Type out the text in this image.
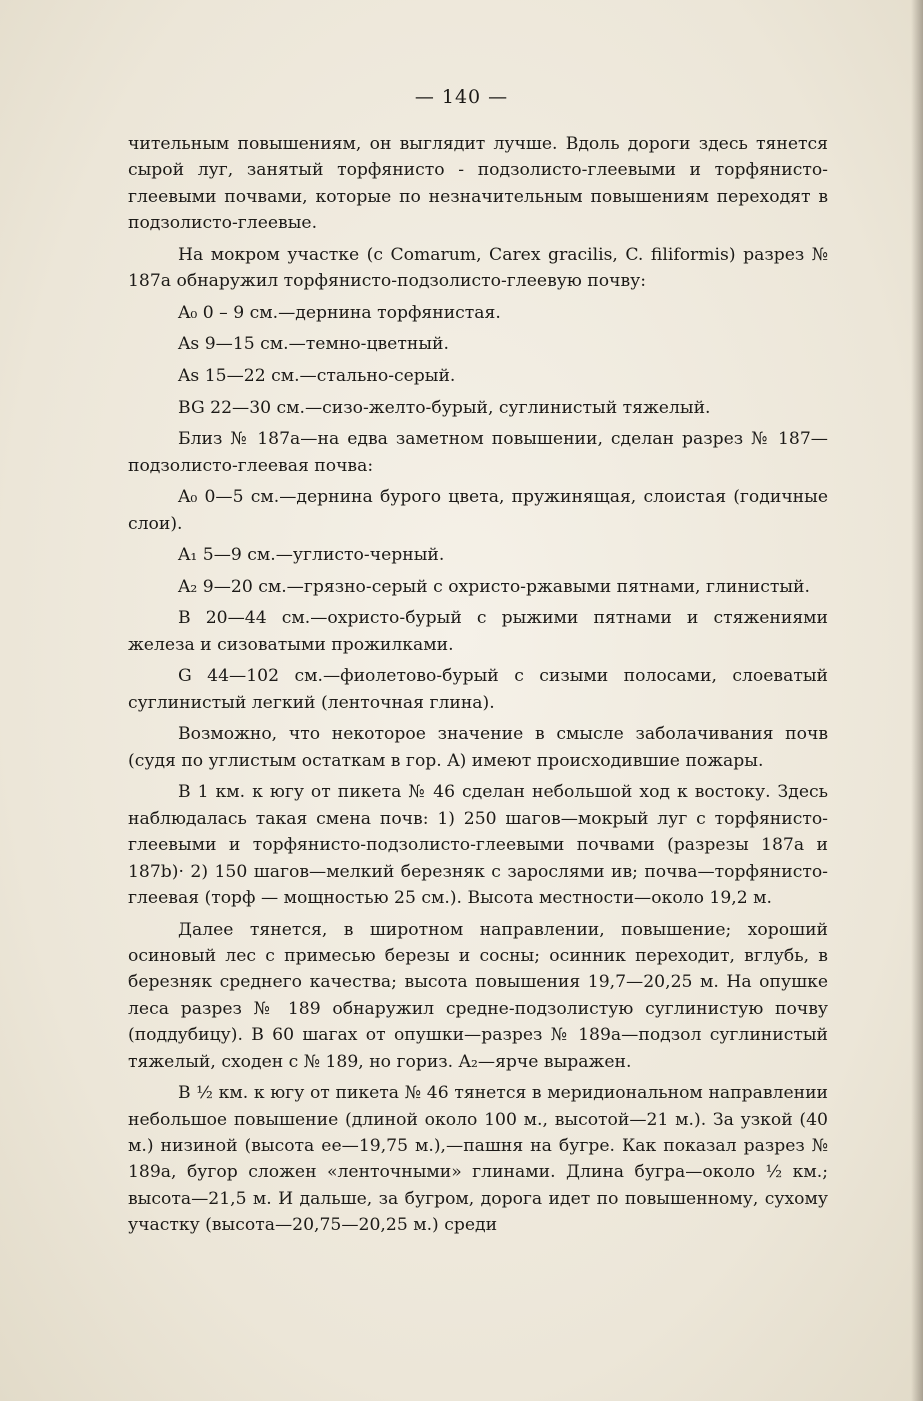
— 140 —

чительным повышениям, он выглядит лучше. Вдоль дороги здесь тянется сырой луг, занятый торфянисто - подзолисто-глеевыми и торфянисто-глеевыми почвами, которые по незначительным повышениям переходят в подзолисто-глеевые.

На мокром участке (с Comarum, Carex gracilis, C. filiformis) разрез № 187a обнаружил торфянисто-подзолисто-глеевую почву:

A₀ 0 – 9 см.—дернина торфянистая.

As 9—15 см.—темно-цветный.

As 15—22 см.—стально-серый.

BG 22—30 см.—сизо-желто-бурый, суглинистый тяжелый.

Близ № 187a—на едва заметном повышении, сделан разрез № 187—подзолисто-глеевая почва:

A₀ 0—5 см.—дернина бурого цвета, пружинящая, слоистая (годичные слои).

A₁ 5—9 см.—углисто-черный.

A₂ 9—20 см.—грязно-серый с охристо-ржавыми пятнами, глинистый.

B 20—44 см.—охристо-бурый с рыжими пятнами и стяжениями железа и сизоватыми прожилками.

G 44—102 см.—фиолетово-бурый с сизыми полосами, слоеватый суглинистый легкий (ленточная глина).

Возможно, что некоторое значение в смысле заболачивания почв (судя по углистым остаткам в гор. A) имеют происходившие пожары.

В 1 км. к югу от пикета № 46 сделан небольшой ход к востоку. Здесь наблюдалась такая смена почв: 1) 250 шагов—мокрый луг с торфянисто-глеевыми и торфянисто-подзолисто-глеевыми почвами (разрезы 187a и 187b)· 2) 150 шагов—мелкий березняк с зарослями ив; почва—торфянисто-глеевая (торф — мощностью 25 см.). Высота местности—около 19,2 м.

Далее тянется, в широтном направлении, повышение; хороший осиновый лес с примесью березы и сосны; осинник переходит, вглубь, в березняк среднего качества; высота повышения 19,7—20,25 м. На опушке леса разрез № 189 обнаружил средне-подзолистую суглинистую почву (поддубицу). В 60 шагах от опушки—разрез № 189a—подзол суглинистый тяжелый, сходен с № 189, но гориз. A₂—ярче выражен.

В ½ км. к югу от пикета № 46 тянется в меридиональном направлении небольшое повышение (длиной около 100 м., высотой—21 м.). За узкой (40 м.) низиной (высота ее—19,75 м.),—пашня на бугре. Как показал разрез № 189a, бугор сложен «ленточными» глинами. Длина бугра—около ½ км.; высота—21,5 м. И дальше, за бугром, дорога идет по повышенному, сухому участку (высота—20,75—20,25 м.) среди
